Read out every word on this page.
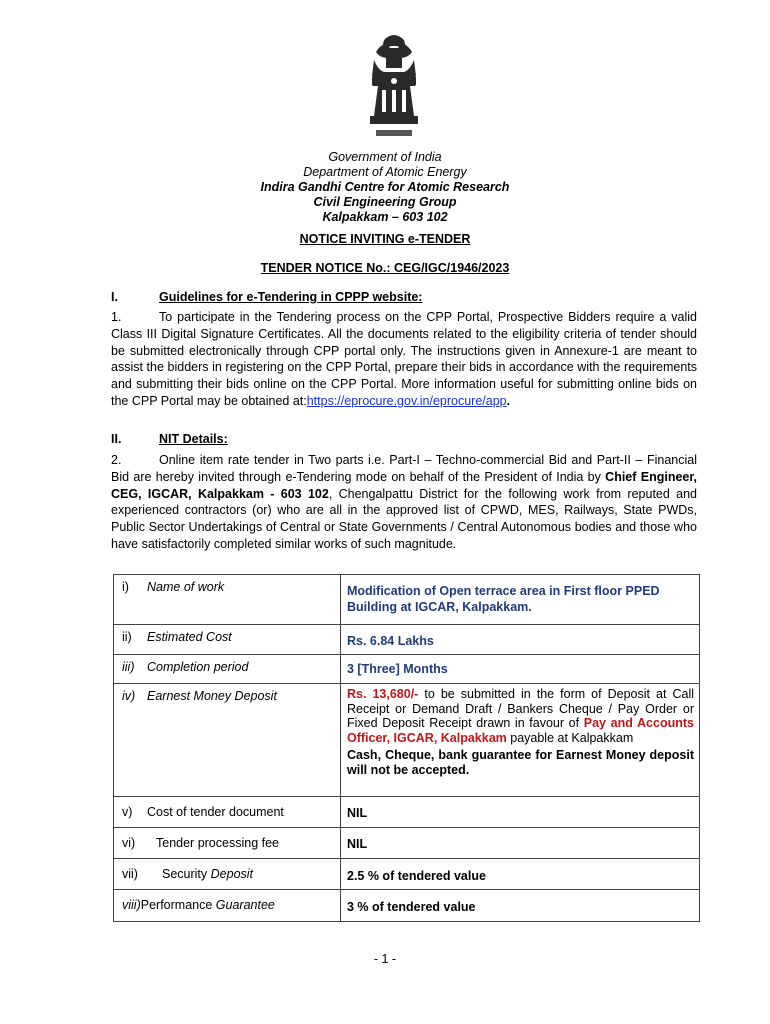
Government of India
Department of Atomic Energy
Indira Gandhi Centre for Atomic Research
Civil Engineering Group
Kalpakkam – 603 102
NOTICE INVITING e-TENDER
TENDER NOTICE No.: CEG/IGC/1946/2023
I.	Guidelines for e-Tendering in CPPP website:
1.	To participate in the Tendering process on the CPP Portal, Prospective Bidders require a valid Class III Digital Signature Certificates. All the documents related to the eligibility criteria of tender should be submitted electronically through CPP portal only. The instructions given in Annexure-1 are meant to assist the bidders in registering on the CPP Portal, prepare their bids in accordance with the requirements and submitting their bids online on the CPP Portal. More information useful for submitting online bids on the CPP Portal may be obtained at:https://eprocure.gov.in/eprocure/app.
II.	NIT Details:
2.	Online item rate tender in Two parts i.e. Part-I – Techno-commercial Bid and Part-II – Financial Bid are hereby invited through e-Tendering mode on behalf of the President of India by Chief Engineer, CEG, IGCAR, Kalpakkam - 603 102, Chengalpattu District for the following work from reputed and experienced contractors (or) who are all in the approved list of CPWD, MES, Railways, State PWDs, Public Sector Undertakings of Central or State Governments / Central Autonomous bodies and those who have satisfactorily completed similar works of such magnitude.
i) Name of work	Modification of Open terrace area in First floor PPED Building at IGCAR, Kalpakkam.
ii) Estimated Cost	Rs. 6.84 Lakhs
iii) Completion period	3 [Three] Months
iv) Earnest Money Deposit	Rs. 13,680/- to be submitted in the form of Deposit at Call Receipt or Demand Draft / Bankers Cheque / Pay Order or Fixed Deposit Receipt drawn in favour of Pay and Accounts Officer, IGCAR, Kalpakkam payable at Kalpakkam
Cash, Cheque, bank guarantee for Earnest Money deposit will not be accepted.

v) Cost of tender document	NIL
vi) Tender processing fee	NIL
vii) Security Deposit	2.5 % of tendered value
viii)Performance Guarantee	3 % of tendered value
- 1 -
